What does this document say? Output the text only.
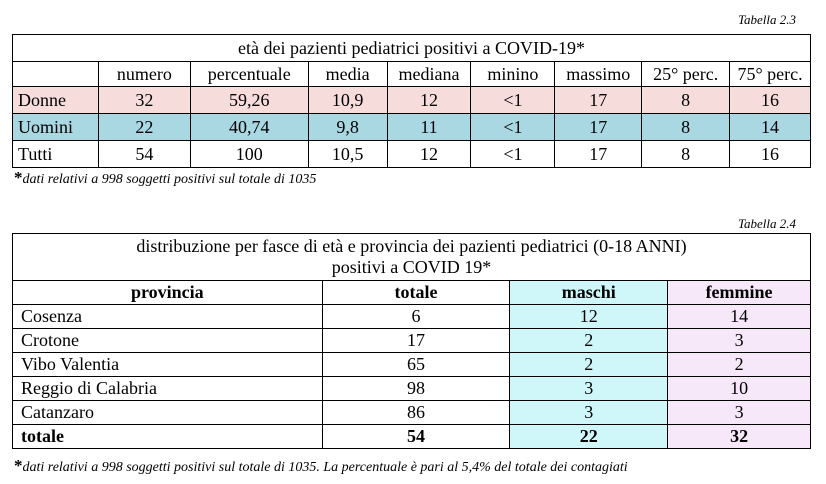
Tabella 2.3
età dei pazienti pediatrici positivi a COVID-19*								
	numero	percentuale	media	mediana	minino	massimo	25° perc.	75° perc.
Donne	32	59,26	10,9	12	<1	17	8	16
Uomini	22	40,74	9,8	11	<1	17	8	14
Tutti	54	100	10,5	12	<1	17	8	16
*dati relativi a 998 soggetti positivi sul totale di 1035
Tabella 2.4
distribuzione per fasce di età e provincia dei pazienti pediatrici (0-18 ANNI)
positivi a COVID 19*			

provincia	totale	maschi	femmine
Cosenza	6	12	14
Crotone	17	2	3
Vibo Valentia	65	2	2
Reggio di Calabria	98	3	10
Catanzaro	86	3	3
totale	54	22	32
*dati relativi a 998 soggetti positivi sul totale di 1035. La percentuale è pari al 5,4% del totale dei contagiati
